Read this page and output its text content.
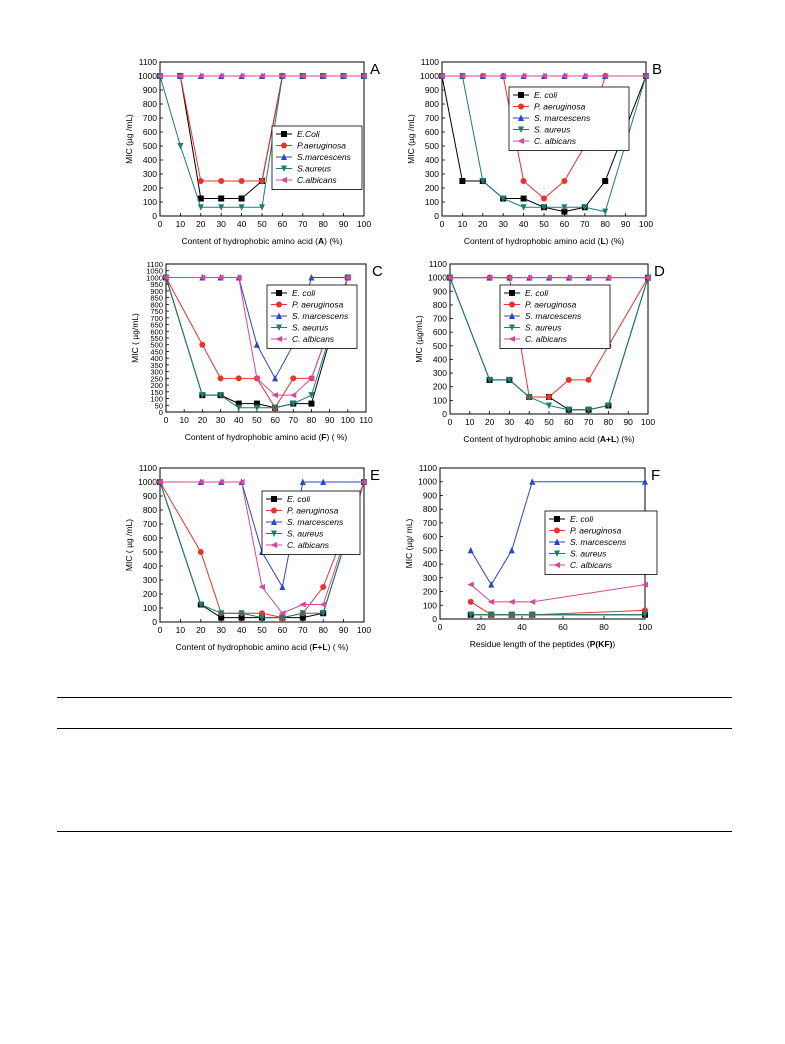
A
0
100
200
300
400
500
600
700
800
900
1000
1100
0 10 20 30 40 50 60 70 80 90 100
MIC (µg /mL)
Content of hydrophobic amino acid (A) (%)
E.Coli
P.aeruginosa
S.marcescens
S.aureus
C.albicans
B
0
100
200
300
400
500
600
700
800
900
1000
1100
0 10 20 30 40 50 60 70 80 90 100
MIC (µg /mL)
Content of hydrophobic amino acid (L) (%)
E. coli
P. aeruginosa
S. marcescens
S. aureus
C. albicans
C
0
50
100
150
200
250
300
350
400
450
500
550
600
650
700
750
800
850
900
950
1000
1050
1100
0 10 20 30 40 50 60 70 80 90 100 110
MIC ( µg/mL)
Content of hydrophobic amino acid (F) ( %)
E. coli
P. aeruginosa
S. marcescens
S. aeurus
C. albicans
D
0
100
200
300
400
500
600
700
800
900
1000
1100
0 10 20 30 40 50 60 70 80 90 100
MIC (µg/mL)
Content of hydrophobic amino acid (A+L) (%)
E. coli
P. aeruginosa
S. marcescens
S. aureus
C. albicans
E
0
100
200
300
400
500
600
700
800
900
1000
1100
0 10 20 30 40 50 60 70 80 90 100
MIC ( µg /mL)
Content of hydrophobic amino acid (F+L) ( %)
E. coli
P. aeruginosa
S. marcescens
S. aureus
C. albicans
F
0
100
200
300
400
500
600
700
800
900
1000
1100
0	20	40	60	80	100
MIC (µg/ mL)
Residue length of the peptides (P(KF))
E. coli
P. aeruginosa
S. marcescens
S. aureus
C. albicans
